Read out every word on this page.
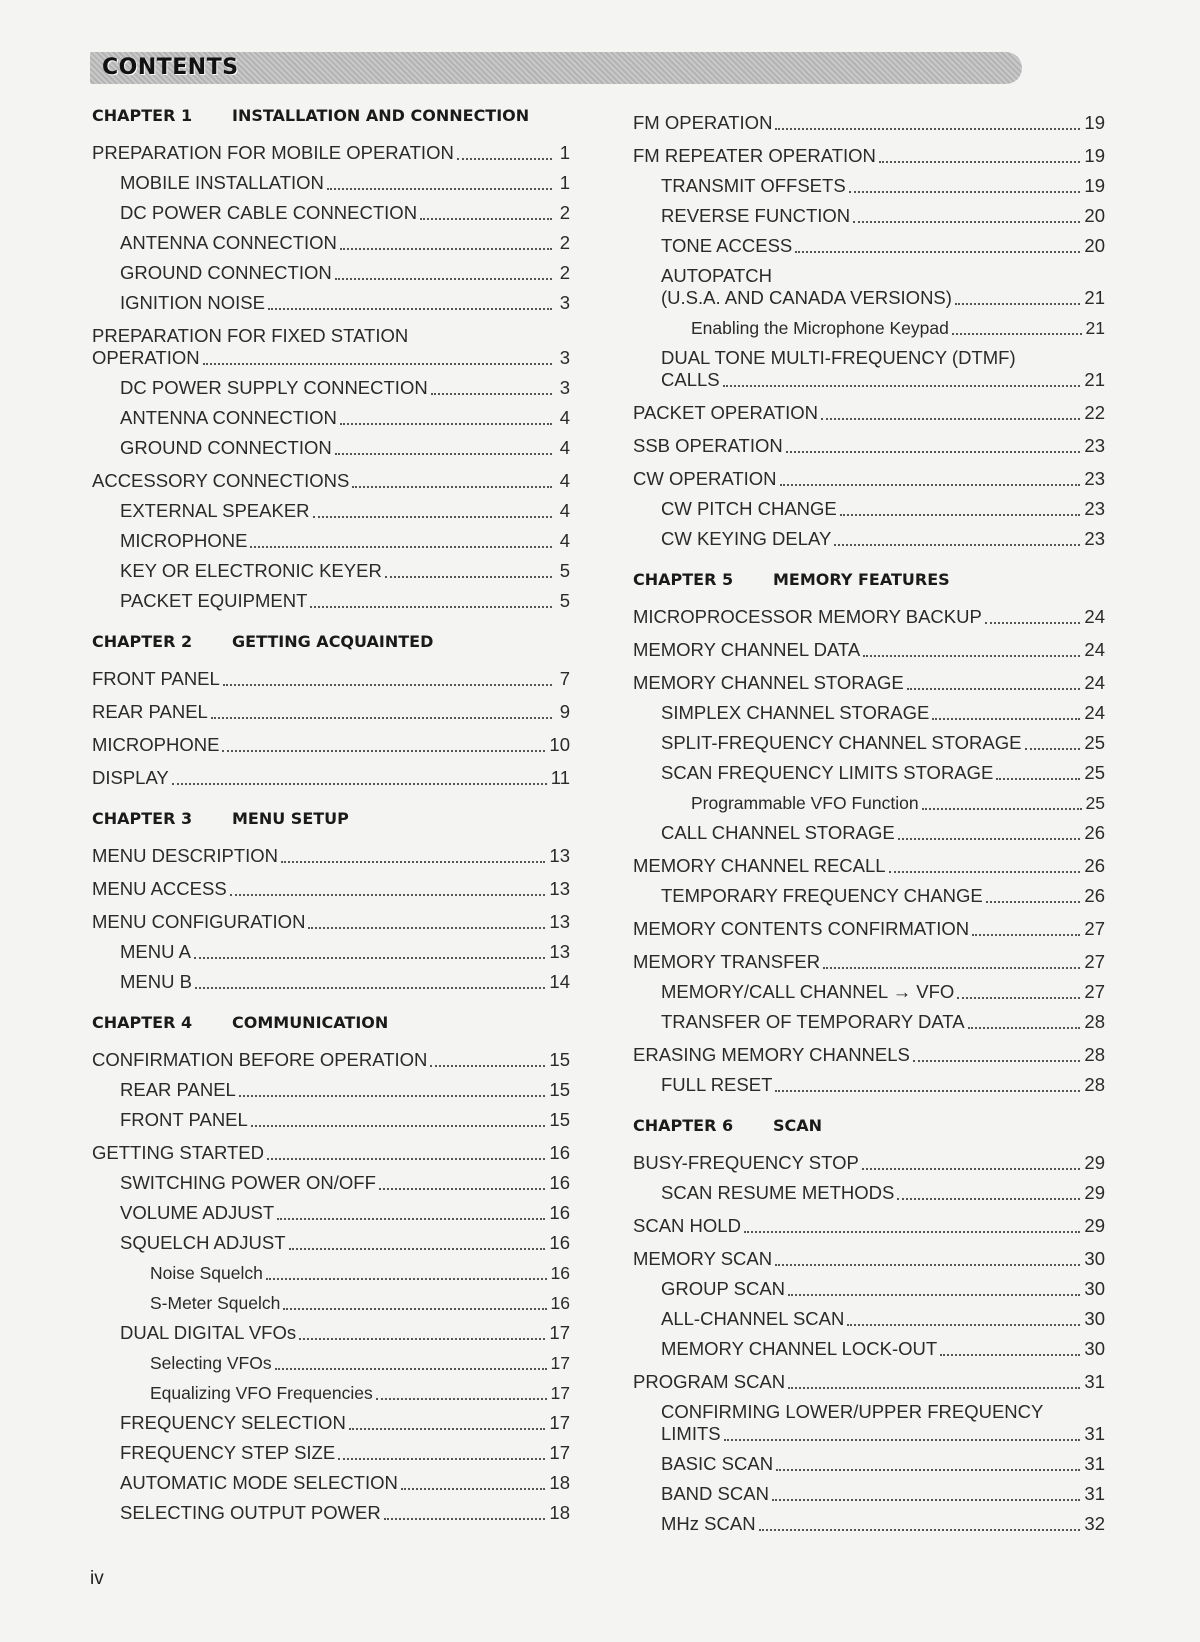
CONTENTS
CHAPTER 1	INSTALLATION AND CONNECTION
PREPARATION FOR MOBILE OPERATION	1
MOBILE INSTALLATION	1
DC POWER CABLE CONNECTION	2
ANTENNA CONNECTION	2
GROUND CONNECTION	2
IGNITION NOISE	3
PREPARATION FOR FIXED STATION
OPERATION	3
DC POWER SUPPLY CONNECTION	3
ANTENNA CONNECTION	4
GROUND CONNECTION	4
ACCESSORY CONNECTIONS	4
EXTERNAL SPEAKER	4
MICROPHONE	4
KEY OR ELECTRONIC KEYER	5
PACKET EQUIPMENT	5
CHAPTER 2	GETTING ACQUAINTED
FRONT PANEL	7
REAR PANEL	9
MICROPHONE	10
DISPLAY	11
CHAPTER 3	MENU SETUP
MENU DESCRIPTION	13
MENU ACCESS	13
MENU CONFIGURATION	13
MENU A	13
MENU B	14
CHAPTER 4	COMMUNICATION
CONFIRMATION BEFORE OPERATION	15
REAR PANEL	15
FRONT PANEL	15
GETTING STARTED	16
SWITCHING POWER ON/OFF	16
VOLUME ADJUST	16
SQUELCH ADJUST	16
Noise Squelch	16
S-Meter Squelch	16
DUAL DIGITAL VFOs	17
Selecting VFOs	17
Equalizing VFO Frequencies	17
FREQUENCY SELECTION	17
FREQUENCY STEP SIZE	17
AUTOMATIC MODE SELECTION	18
SELECTING OUTPUT POWER	18
FM OPERATION	19
FM REPEATER OPERATION	19
TRANSMIT OFFSETS	19
REVERSE FUNCTION	20
TONE ACCESS	20
AUTOPATCH
(U.S.A. AND CANADA VERSIONS)	21
Enabling the Microphone Keypad	21
DUAL TONE MULTI-FREQUENCY (DTMF)
CALLS	21
PACKET OPERATION	22
SSB OPERATION	23
CW OPERATION	23
CW PITCH CHANGE	23
CW KEYING DELAY	23
CHAPTER 5	MEMORY FEATURES
MICROPROCESSOR MEMORY BACKUP	24
MEMORY CHANNEL DATA	24
MEMORY CHANNEL STORAGE	24
SIMPLEX CHANNEL STORAGE	24
SPLIT-FREQUENCY CHANNEL STORAGE	25
SCAN FREQUENCY LIMITS STORAGE	25
Programmable VFO Function	25
CALL CHANNEL STORAGE	26
MEMORY CHANNEL RECALL	26
TEMPORARY FREQUENCY CHANGE	26
MEMORY CONTENTS CONFIRMATION	27
MEMORY TRANSFER	27
MEMORY/CALL CHANNEL → VFO	27
TRANSFER OF TEMPORARY DATA	28
ERASING MEMORY CHANNELS	28
FULL RESET	28
CHAPTER 6	SCAN
BUSY-FREQUENCY STOP	29
SCAN RESUME METHODS	29
SCAN HOLD	29
MEMORY SCAN	30
GROUP SCAN	30
ALL-CHANNEL SCAN	30
MEMORY CHANNEL LOCK-OUT	30
PROGRAM SCAN	31
CONFIRMING LOWER/UPPER FREQUENCY
LIMITS	31
BASIC SCAN	31
BAND SCAN	31
MHz SCAN	32
iv
